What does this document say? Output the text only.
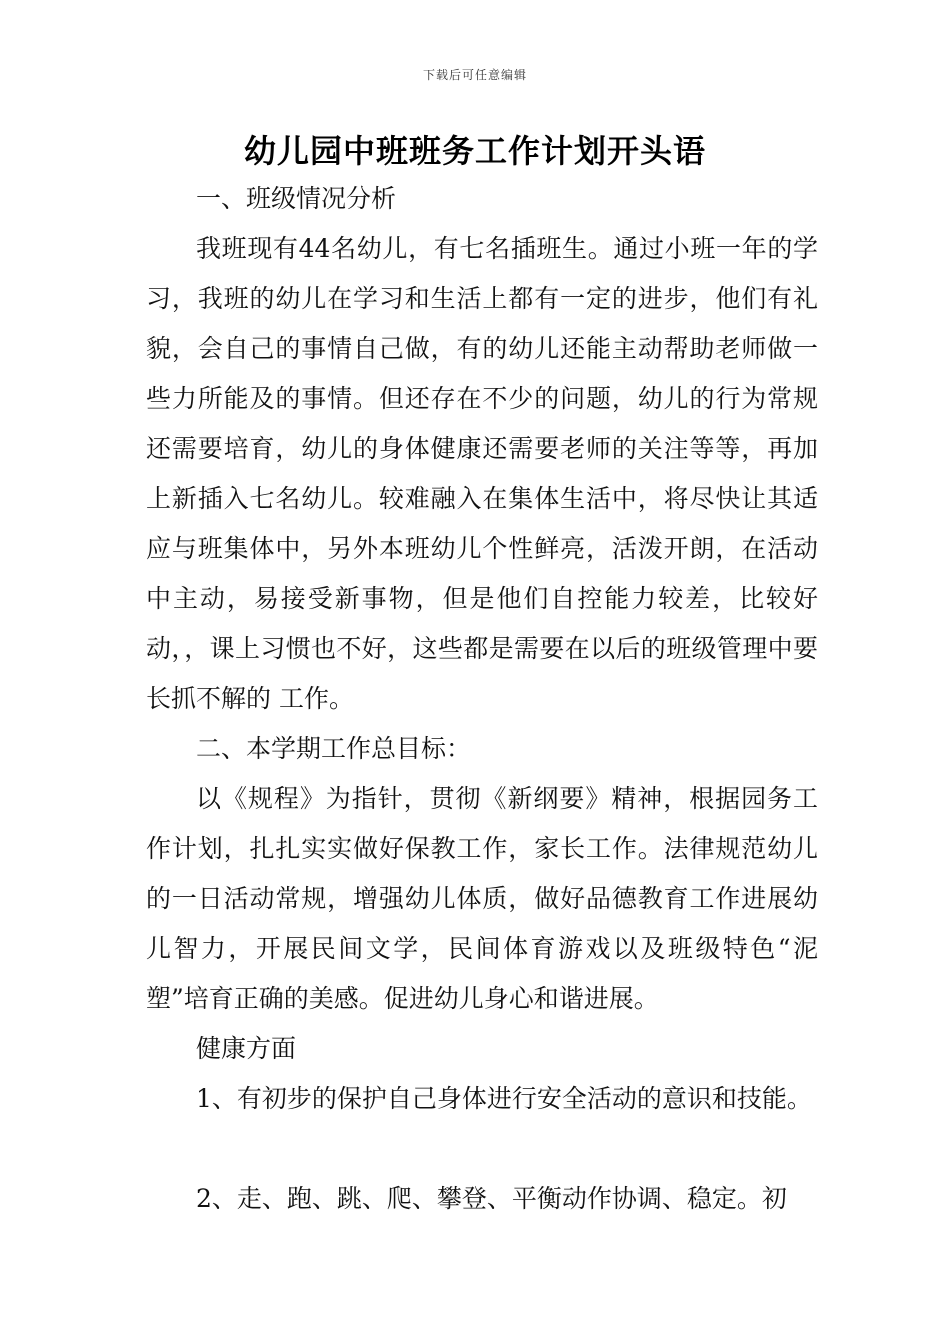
下载后可任意编辑
幼儿园中班班务工作计划开头语

一、班级情况分析

我班现有44名幼儿，有七名插班生。通过小班一年的学习，我班的幼儿在学习和生活上都有一定的进步，他们有礼貌，会自己的事情自己做，有的幼儿还能主动帮助老师做一些力所能及的事情。但还存在不少的问题，幼儿的行为常规还需要培育，幼儿的身体健康还需要老师的关注等等，再加上新插入七名幼儿。较难融入在集体生活中，将尽快让其适应与班集体中，另外本班幼儿个性鲜亮，活泼开朗，在活动中主动，易接受新事物，但是他们自控能力较差，比较好动，，课上习惯也不好，这些都是需要在以后的班级管理中要长抓不解的 工作。

二、本学期工作总目标：

以《规程》为指针，贯彻《新纲要》精神，根据园务工作计划，扎扎实实做好保教工作，家长工作。法律规范幼儿的一日活动常规，增强幼儿体质，做好品德教育工作进展幼儿智力，开展民间文学，民间体育游戏以及班级特色“泥塑”培育正确的美感。促进幼儿身心和谐进展。

健康方面

1、有初步的保护自己身体进行安全活动的意识和技能。

2、走、跑、跳、爬、攀登、平衡动作协调、稳定。初
